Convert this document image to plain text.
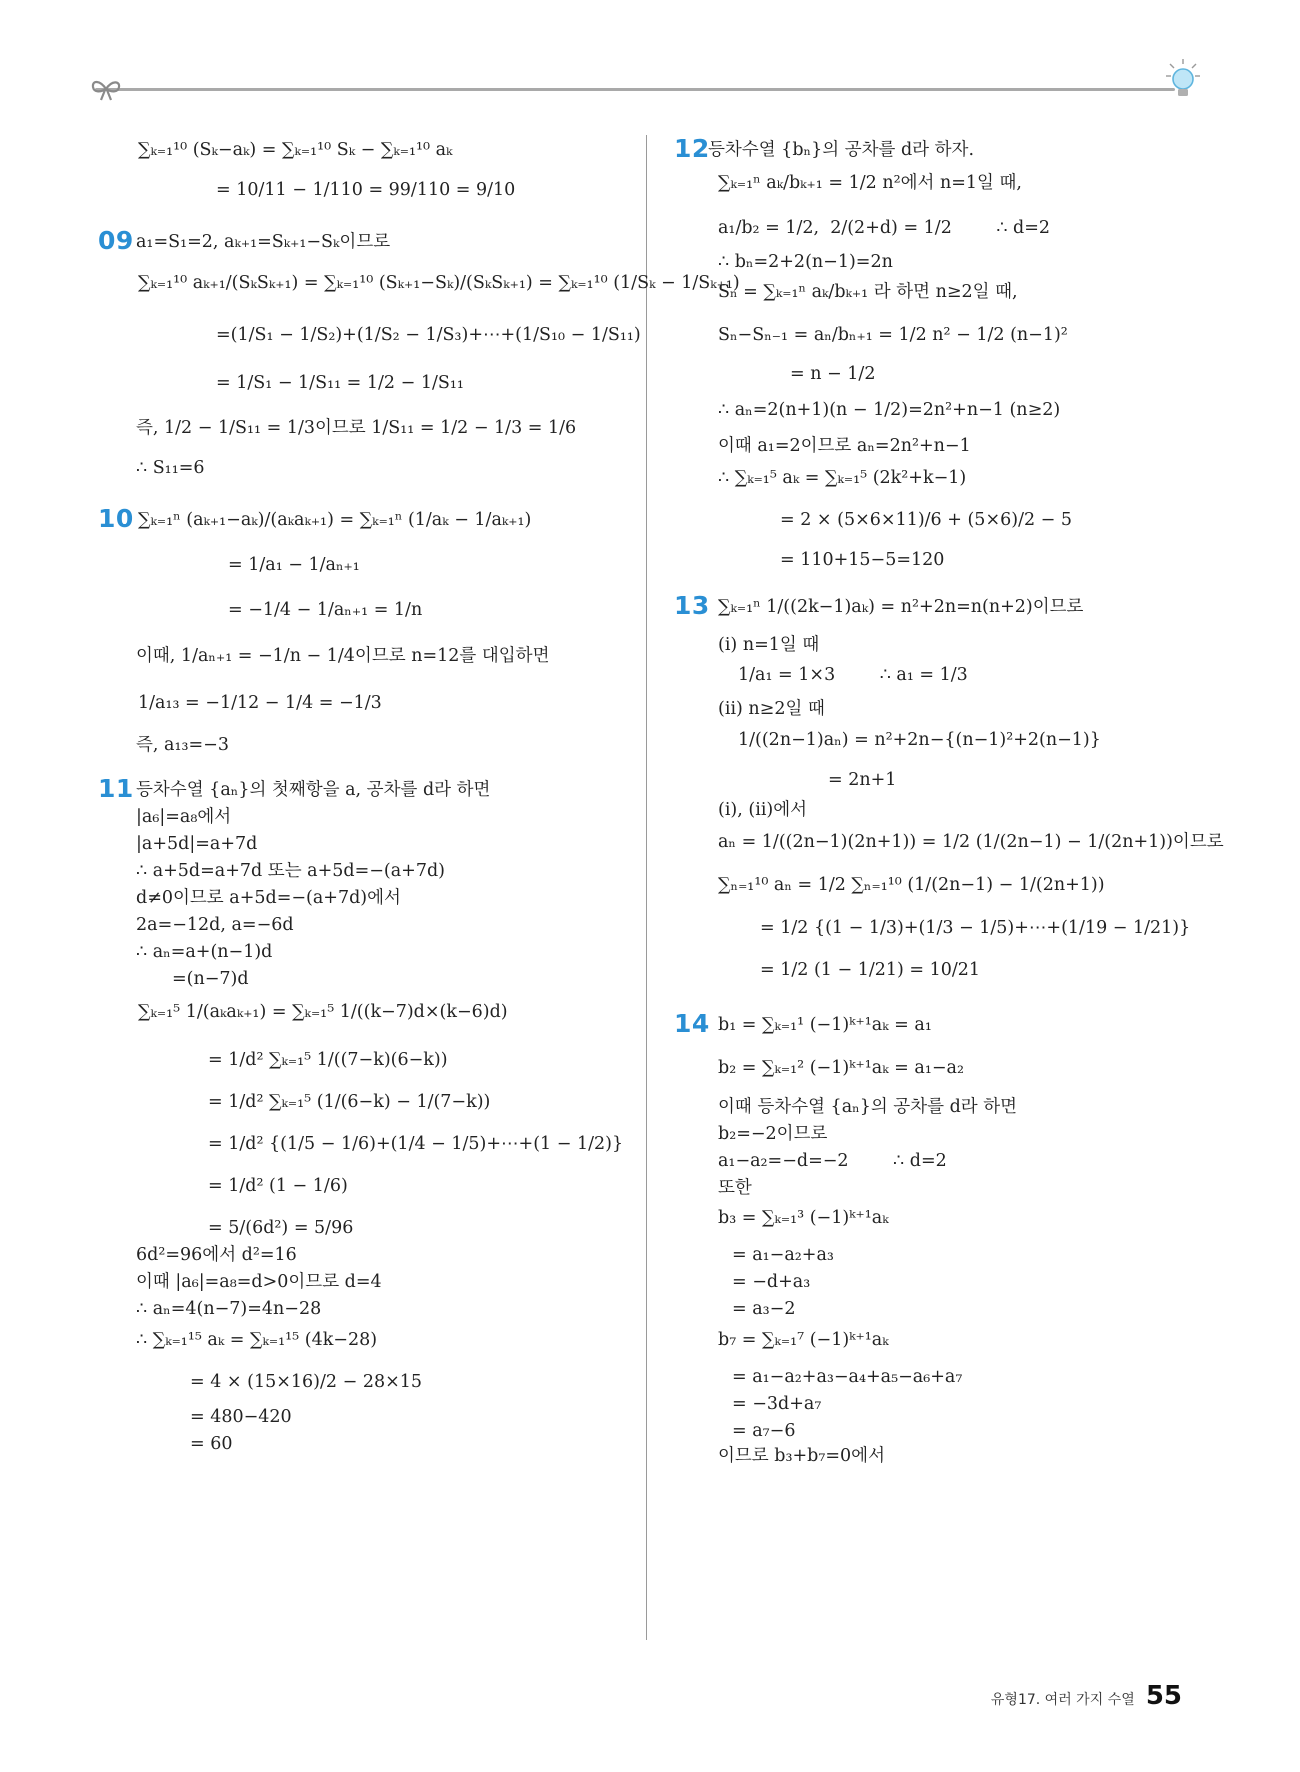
09
10
11
∑ₖ₌₁¹⁰ (Sₖ−aₖ) = ∑ₖ₌₁¹⁰ Sₖ − ∑ₖ₌₁¹⁰ aₖ
= 10/11 − 1/110 = 99/110 = 9/10
a₁=S₁=2, aₖ₊₁=Sₖ₊₁−Sₖ이므로
∑ₖ₌₁¹⁰ aₖ₊₁/(SₖSₖ₊₁) = ∑ₖ₌₁¹⁰ (Sₖ₊₁−Sₖ)/(SₖSₖ₊₁) = ∑ₖ₌₁¹⁰ (1/Sₖ − 1/Sₖ₊₁)
=(1/S₁ − 1/S₂)+(1/S₂ − 1/S₃)+⋯+(1/S₁₀ − 1/S₁₁)
= 1/S₁ − 1/S₁₁ = 1/2 − 1/S₁₁
즉, 1/2 − 1/S₁₁ = 1/3이므로 1/S₁₁ = 1/2 − 1/3 = 1/6
∴ S₁₁=6
∑ₖ₌₁ⁿ (aₖ₊₁−aₖ)/(aₖaₖ₊₁) = ∑ₖ₌₁ⁿ (1/aₖ − 1/aₖ₊₁)
= 1/a₁ − 1/aₙ₊₁
= −1/4 − 1/aₙ₊₁ = 1/n
이때, 1/aₙ₊₁ = −1/n − 1/4이므로 n=12를 대입하면
1/a₁₃ = −1/12 − 1/4 = −1/3
즉, a₁₃=−3
등차수열 {aₙ}의 첫째항을 a, 공차를 d라 하면
|a₆|=a₈에서
|a+5d|=a+7d
∴ a+5d=a+7d 또는 a+5d=−(a+7d)
d≠0이므로 a+5d=−(a+7d)에서
2a=−12d, a=−6d
∴ aₙ=a+(n−1)d
=(n−7)d
∑ₖ₌₁⁵ 1/(aₖaₖ₊₁) = ∑ₖ₌₁⁵ 1/((k−7)d×(k−6)d)
= 1/d² ∑ₖ₌₁⁵ 1/((7−k)(6−k))
= 1/d² ∑ₖ₌₁⁵ (1/(6−k) − 1/(7−k))
= 1/d² {(1/5 − 1/6)+(1/4 − 1/5)+⋯+(1 − 1/2)}
= 1/d² (1 − 1/6)
= 5/(6d²) = 5/96
6d²=96에서 d²=16
이때 |a₆|=a₈=d>0이므로 d=4
∴ aₙ=4(n−7)=4n−28
∴ ∑ₖ₌₁¹⁵ aₖ = ∑ₖ₌₁¹⁵ (4k−28)
= 4 × (15×16)/2 − 28×15
= 480−420
= 60
12
13
14
등차수열 {bₙ}의 공차를 d라 하자.
∑ₖ₌₁ⁿ aₖ/bₖ₊₁ = 1/2 n²에서 n=1일 때,
a₁/b₂ = 1/2,  2/(2+d) = 1/2        ∴ d=2
∴ bₙ=2+2(n−1)=2n
Sₙ = ∑ₖ₌₁ⁿ aₖ/bₖ₊₁ 라 하면 n≥2일 때,
Sₙ−Sₙ₋₁ = aₙ/bₙ₊₁ = 1/2 n² − 1/2 (n−1)²
= n − 1/2
∴ aₙ=2(n+1)(n − 1/2)=2n²+n−1 (n≥2)
이때 a₁=2이므로 aₙ=2n²+n−1
∴ ∑ₖ₌₁⁵ aₖ = ∑ₖ₌₁⁵ (2k²+k−1)
= 2 × (5×6×11)/6 + (5×6)/2 − 5
= 110+15−5=120
∑ₖ₌₁ⁿ 1/((2k−1)aₖ) = n²+2n=n(n+2)이므로
(ⅰ) n=1일 때
1/a₁ = 1×3        ∴ a₁ = 1/3
(ⅱ) n≥2일 때
1/((2n−1)aₙ) = n²+2n−{(n−1)²+2(n−1)}
= 2n+1
(ⅰ), (ⅱ)에서
aₙ = 1/((2n−1)(2n+1)) = 1/2 (1/(2n−1) − 1/(2n+1))이므로
∑ₙ₌₁¹⁰ aₙ = 1/2 ∑ₙ₌₁¹⁰ (1/(2n−1) − 1/(2n+1))
= 1/2 {(1 − 1/3)+(1/3 − 1/5)+⋯+(1/19 − 1/21)}
= 1/2 (1 − 1/21) = 10/21
b₁ = ∑ₖ₌₁¹ (−1)ᵏ⁺¹aₖ = a₁
b₂ = ∑ₖ₌₁² (−1)ᵏ⁺¹aₖ = a₁−a₂
이때 등차수열 {aₙ}의 공차를 d라 하면
b₂=−2이므로
a₁−a₂=−d=−2        ∴ d=2
또한
b₃ = ∑ₖ₌₁³ (−1)ᵏ⁺¹aₖ
= a₁−a₂+a₃
= −d+a₃
= a₃−2
b₇ = ∑ₖ₌₁⁷ (−1)ᵏ⁺¹aₖ
= a₁−a₂+a₃−a₄+a₅−a₆+a₇
= −3d+a₇
= a₇−6
이므로 b₃+b₇=0에서
유형17. 여러 가지 수열 55
